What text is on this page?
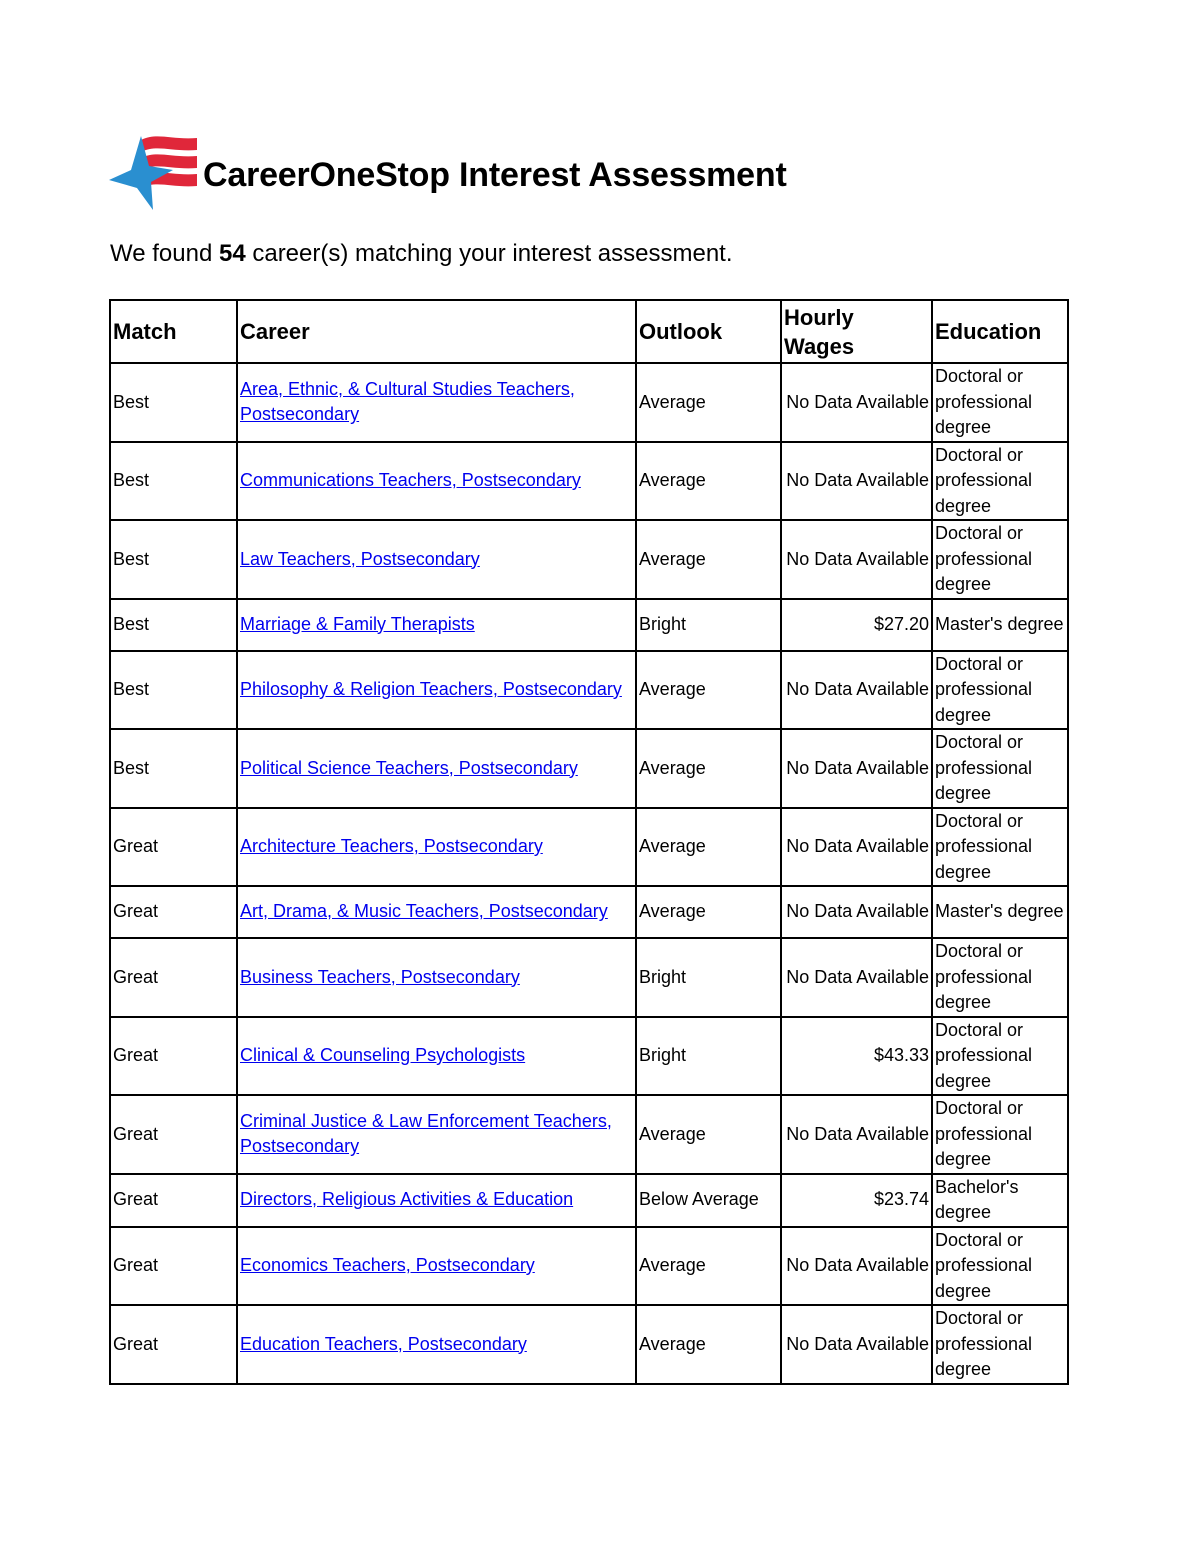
CareerOneStop Interest Assessment
We found 54 career(s) matching your interest assessment.
Match	Career	Outlook	Hourly Wages	Education
Best	Area, Ethnic, & Cultural Studies Teachers, Postsecondary	Average	No Data Available	Doctoral or professional degree
Best	Communications Teachers, Postsecondary	Average	No Data Available	Doctoral or professional degree
Best	Law Teachers, Postsecondary	Average	No Data Available	Doctoral or professional degree
Best	Marriage & Family Therapists	Bright	$27.20	Master's degree
Best	Philosophy & Religion Teachers, Postsecondary	Average	No Data Available	Doctoral or professional degree
Best	Political Science Teachers, Postsecondary	Average	No Data Available	Doctoral or professional degree
Great	Architecture Teachers, Postsecondary	Average	No Data Available	Doctoral or professional degree
Great	Art, Drama, & Music Teachers, Postsecondary	Average	No Data Available	Master's degree
Great	Business Teachers, Postsecondary	Bright	No Data Available	Doctoral or professional degree
Great	Clinical & Counseling Psychologists	Bright	$43.33	Doctoral or professional degree
Great	Criminal Justice & Law Enforcement Teachers, Postsecondary	Average	No Data Available	Doctoral or professional degree
Great	Directors, Religious Activities & Education	Below Average	$23.74	Bachelor's degree
Great	Economics Teachers, Postsecondary	Average	No Data Available	Doctoral or professional degree
Great	Education Teachers, Postsecondary	Average	No Data Available	Doctoral or professional degree
